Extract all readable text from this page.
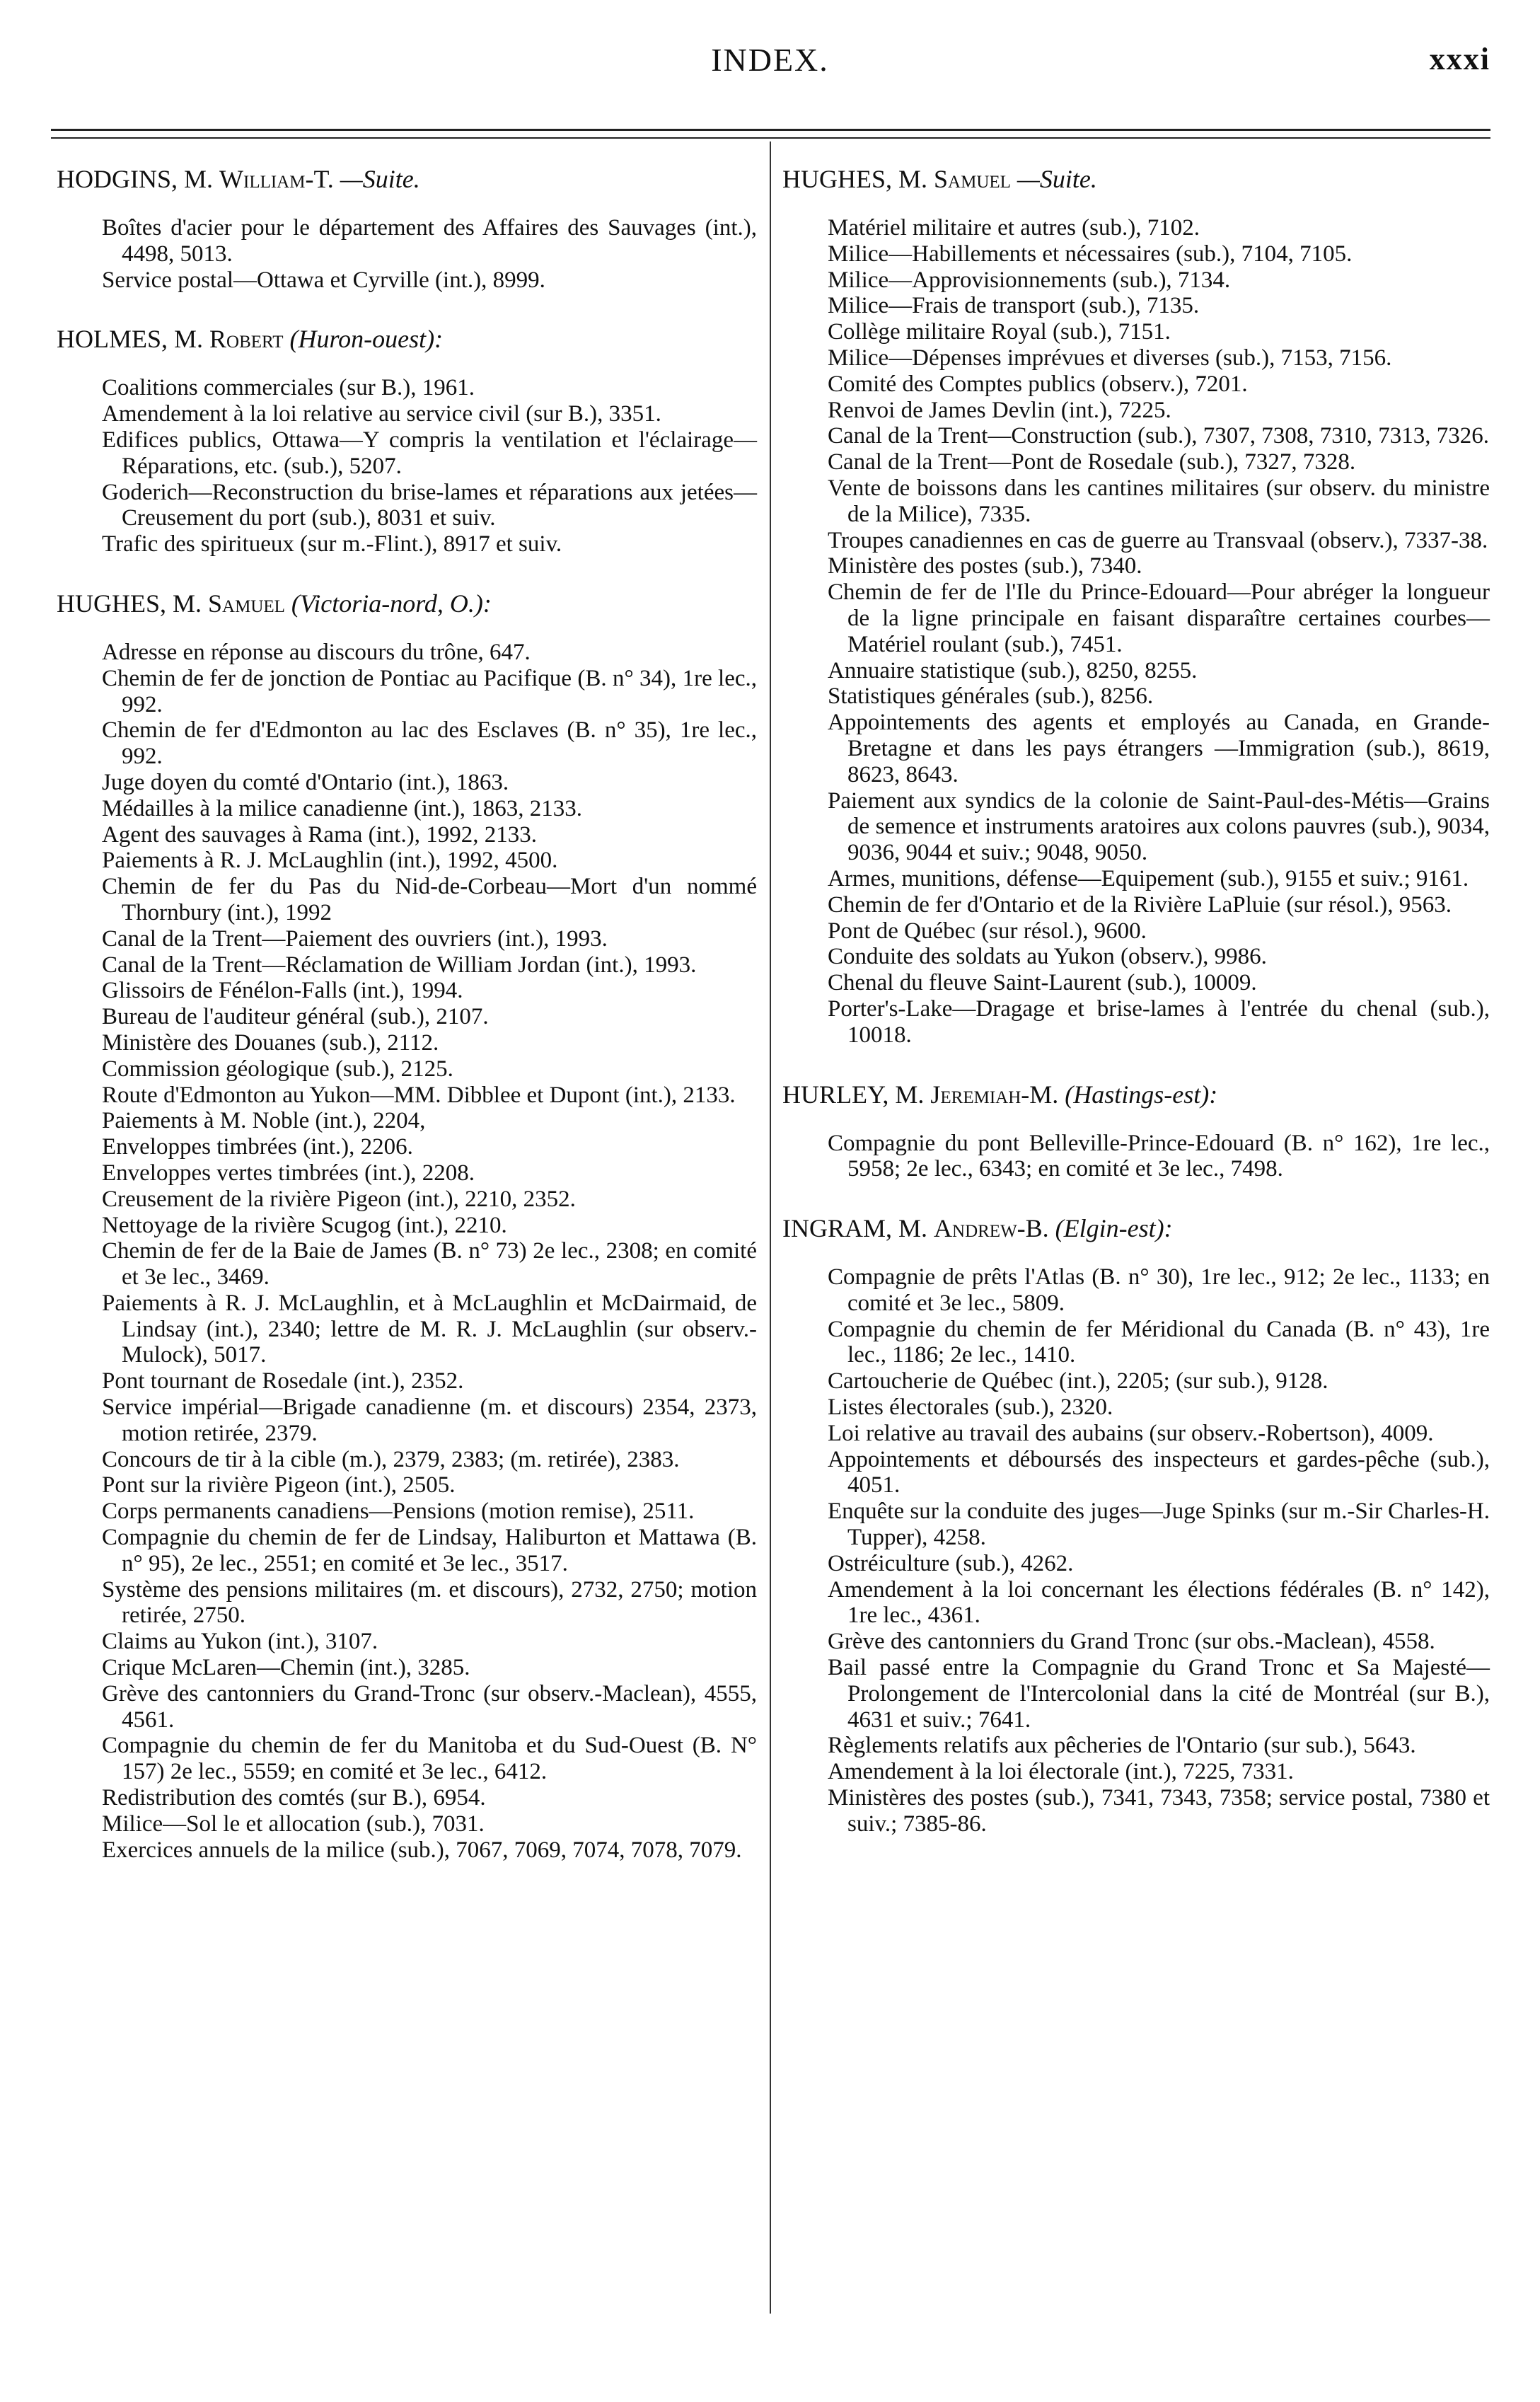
INDEX.	xxxi
HODGINS, M. William-T. —Suite.
Boîtes d'acier pour le département des Affaires des Sauvages (int.), 4498, 5013.
Service postal—Ottawa et Cyrville (int.), 8999.
HOLMES, M. Robert (Huron-ouest):
Coalitions commerciales (sur B.), 1961.
Amendement à la loi relative au service civil (sur B.), 3351.
Edifices publics, Ottawa—Y compris la ventilation et l'éclairage—Réparations, etc. (sub.), 5207.
Goderich—Reconstruction du brise-lames et réparations aux jetées—Creusement du port (sub.), 8031 et suiv.
Trafic des spiritueux (sur m.-Flint.), 8917 et suiv.
HUGHES, M. Samuel (Victoria-nord, O.):
Adresse en réponse au discours du trône, 647.
Chemin de fer de jonction de Pontiac au Pacifique (B. n° 34), 1re lec., 992.
Chemin de fer d'Edmonton au lac des Esclaves (B. n° 35), 1re lec., 992.
Juge doyen du comté d'Ontario (int.), 1863.
Médailles à la milice canadienne (int.), 1863, 2133.
Agent des sauvages à Rama (int.), 1992, 2133.
Paiements à R. J. McLaughlin (int.), 1992, 4500.
Chemin de fer du Pas du Nid-de-Corbeau—Mort d'un nommé Thornbury (int.), 1992
Canal de la Trent—Paiement des ouvriers (int.), 1993.
Canal de la Trent—Réclamation de William Jordan (int.), 1993.
Glissoirs de Fénélon-Falls (int.), 1994.
Bureau de l'auditeur général (sub.), 2107.
Ministère des Douanes (sub.), 2112.
Commission géologique (sub.), 2125.
Route d'Edmonton au Yukon—MM. Dibblee et Dupont (int.), 2133.
Paiements à M. Noble (int.), 2204,
Enveloppes timbrées (int.), 2206.
Enveloppes vertes timbrées (int.), 2208.
Creusement de la rivière Pigeon (int.), 2210, 2352.
Nettoyage de la rivière Scugog (int.), 2210.
Chemin de fer de la Baie de James (B. n° 73) 2e lec., 2308; en comité et 3e lec., 3469.
Paiements à R. J. McLaughlin, et à McLaughlin et McDairmaid, de Lindsay (int.), 2340; lettre de M. R. J. McLaughlin (sur observ.-Mulock), 5017.
Pont tournant de Rosedale (int.), 2352.
Service impérial—Brigade canadienne (m. et discours) 2354, 2373, motion retirée, 2379.
Concours de tir à la cible (m.), 2379, 2383; (m. retirée), 2383.
Pont sur la rivière Pigeon (int.), 2505.
Corps permanents canadiens—Pensions (motion remise), 2511.
Compagnie du chemin de fer de Lindsay, Haliburton et Mattawa (B. n° 95), 2e lec., 2551; en comité et 3e lec., 3517.
Système des pensions militaires (m. et discours), 2732, 2750; motion retirée, 2750.
Claims au Yukon (int.), 3107.
Crique McLaren—Chemin (int.), 3285.
Grève des cantonniers du Grand-Tronc (sur observ.-Maclean), 4555, 4561.
Compagnie du chemin de fer du Manitoba et du Sud-Ouest (B. N° 157) 2e lec., 5559; en comité et 3e lec., 6412.
Redistribution des comtés (sur B.), 6954.
Milice—Sol le et allocation (sub.), 7031.
Exercices annuels de la milice (sub.), 7067, 7069, 7074, 7078, 7079.
HUGHES, M. Samuel —Suite.
Matériel militaire et autres (sub.), 7102.
Milice—Habillements et nécessaires (sub.), 7104, 7105.
Milice—Approvisionnements (sub.), 7134.
Milice—Frais de transport (sub.), 7135.
Collège militaire Royal (sub.), 7151.
Milice—Dépenses imprévues et diverses (sub.), 7153, 7156.
Comité des Comptes publics (observ.), 7201.
Renvoi de James Devlin (int.), 7225.
Canal de la Trent—Construction (sub.), 7307, 7308, 7310, 7313, 7326.
Canal de la Trent—Pont de Rosedale (sub.), 7327, 7328.
Vente de boissons dans les cantines militaires (sur observ. du ministre de la Milice), 7335.
Troupes canadiennes en cas de guerre au Transvaal (observ.), 7337-38.
Ministère des postes (sub.), 7340.
Chemin de fer de l'Ile du Prince-Edouard—Pour abréger la longueur de la ligne principale en faisant disparaître certaines courbes—Matériel roulant (sub.), 7451.
Annuaire statistique (sub.), 8250, 8255.
Statistiques générales (sub.), 8256.
Appointements des agents et employés au Canada, en Grande-Bretagne et dans les pays étrangers —Immigration (sub.), 8619, 8623, 8643.
Paiement aux syndics de la colonie de Saint-Paul-des-Métis—Grains de semence et instruments aratoires aux colons pauvres (sub.), 9034, 9036, 9044 et suiv.; 9048, 9050.
Armes, munitions, défense—Equipement (sub.), 9155 et suiv.; 9161.
Chemin de fer d'Ontario et de la Rivière LaPluie (sur résol.), 9563.
Pont de Québec (sur résol.), 9600.
Conduite des soldats au Yukon (observ.), 9986.
Chenal du fleuve Saint-Laurent (sub.), 10009.
Porter's-Lake—Dragage et brise-lames à l'entrée du chenal (sub.), 10018.
HURLEY, M. Jeremiah-M. (Hastings-est):
Compagnie du pont Belleville-Prince-Edouard (B. n° 162), 1re lec., 5958; 2e lec., 6343; en comité et 3e lec., 7498.
INGRAM, M. Andrew-B. (Elgin-est):
Compagnie de prêts l'Atlas (B. n° 30), 1re lec., 912; 2e lec., 1133; en comité et 3e lec., 5809.
Compagnie du chemin de fer Méridional du Canada (B. n° 43), 1re lec., 1186; 2e lec., 1410.
Cartoucherie de Québec (int.), 2205; (sur sub.), 9128.
Listes électorales (sub.), 2320.
Loi relative au travail des aubains (sur observ.-Robertson), 4009.
Appointements et déboursés des inspecteurs et gardes-pêche (sub.), 4051.
Enquête sur la conduite des juges—Juge Spinks (sur m.-Sir Charles-H. Tupper), 4258.
Ostréiculture (sub.), 4262.
Amendement à la loi concernant les élections fédérales (B. n° 142), 1re lec., 4361.
Grève des cantonniers du Grand Tronc (sur obs.-Maclean), 4558.
Bail passé entre la Compagnie du Grand Tronc et Sa Majesté—Prolongement de l'Intercolonial dans la cité de Montréal (sur B.), 4631 et suiv.; 7641.
Règlements relatifs aux pêcheries de l'Ontario (sur sub.), 5643.
Amendement à la loi électorale (int.), 7225, 7331.
Ministères des postes (sub.), 7341, 7343, 7358; service postal, 7380 et suiv.; 7385-86.
